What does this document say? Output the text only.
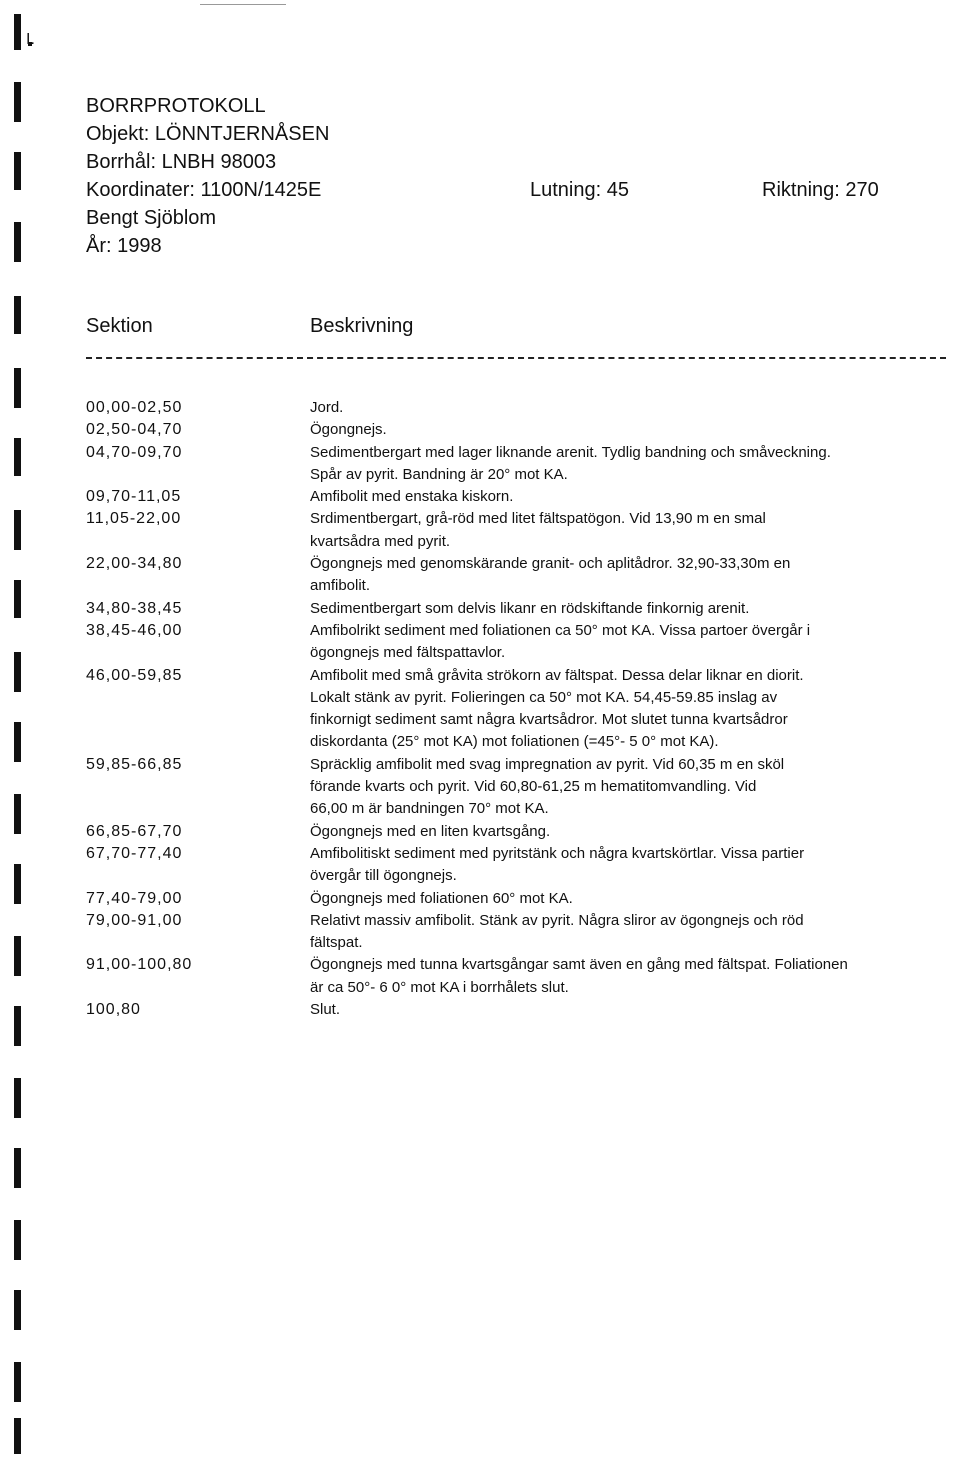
BORRPROTOKOLL
Objekt: LÖNNTJERNÅSEN
Borrhål: LNBH 98003
Koordinater: 1100N/1425E	Lutning: 45	Riktning: 270
Bengt Sjöblom
År: 1998
Sektion	Beskrivning
00,00-02,50	Jord.
02,50-04,70	Ögongnejs.
04,70-09,70	Sedimentbergart med lager liknande arenit. Tydlig bandning och småveckning.
Spår av pyrit. Bandning är 20° mot KA.
09,70-11,05	Amfibolit med enstaka kiskorn.
11,05-22,00	Srdimentbergart, grå-röd med litet fältspatögon. Vid 13,90 m en smal
kvartsådra med pyrit.
22,00-34,80	Ögongnejs med genomskärande granit- och aplitådror. 32,90-33,30m en
amfibolit.
34,80-38,45	Sedimentbergart som delvis likanr en rödskiftande finkornig arenit.
38,45-46,00	Amfibolrikt sediment med foliationen ca 50° mot KA. Vissa partoer övergår i
ögongnejs med fältspattavlor.
46,00-59,85	Amfibolit med små gråvita strökorn av fältspat. Dessa delar liknar en diorit.
Lokalt stänk av pyrit. Folieringen ca 50° mot KA. 54,45-59.85 inslag av
finkornigt sediment samt några kvartsådror. Mot slutet tunna kvartsådror
diskordanta (25° mot KA) mot foliationen (=45°- 5 0° mot KA).
59,85-66,85	Spräcklig amfibolit med svag impregnation av pyrit. Vid 60,35 m en sköl
förande kvarts och pyrit. Vid 60,80-61,25 m hematitomvandling. Vid
66,00 m är bandningen 70° mot KA.
66,85-67,70	Ögongnejs med en liten kvartsgång.
67,70-77,40	Amfibolitiskt sediment med pyritstänk och några kvartskörtlar. Vissa partier
övergår till ögongnejs.
77,40-79,00	Ögongnejs med foliationen 60° mot KA.
79,00-91,00	Relativt massiv amfibolit. Stänk av pyrit. Några sliror av ögongnejs och röd
fältspat.
91,00-100,80	Ögongnejs med tunna kvartsgångar samt även en gång med fältspat. Foliationen
är ca 50°- 6 0° mot KA i borrhålets slut.
100,80	Slut.
I.
